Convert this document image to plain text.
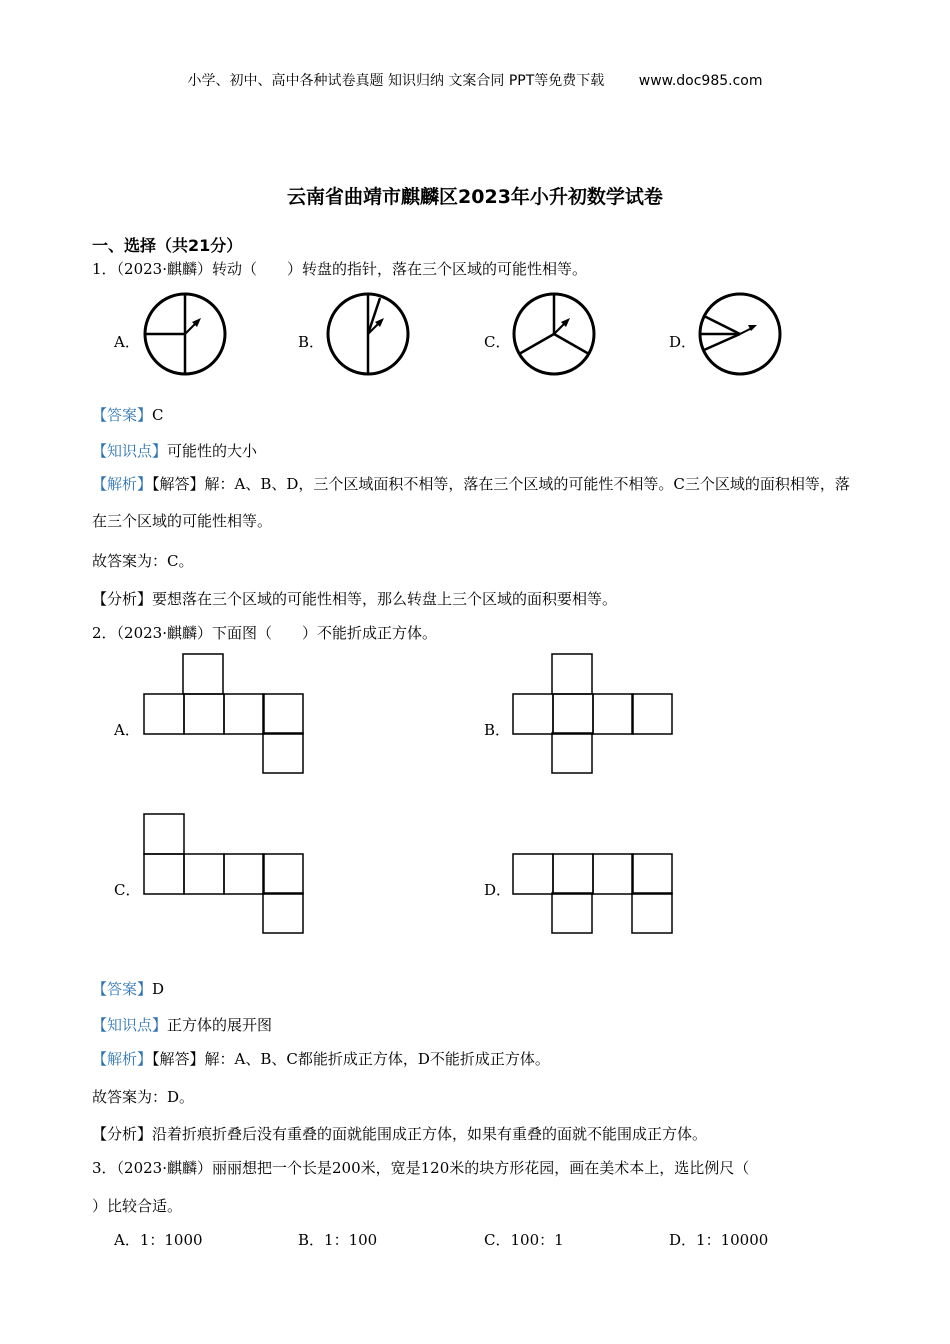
小学、初中、高中各种试卷真题 知识归纳 文案合同 PPT等免费下载 www.doc985.com
云南省曲靖市麒麟区2023年小升初数学试卷
一、选择（共21分）
1．（2023·麒麟）转动（　　）转盘的指针，落在三个区域的可能性相等。
A．	B．	C．	D．
【答案】C
【知识点】可能性的大小
【解析】【解答】解：A、B、D，三个区域面积不相等，落在三个区域的可能性不相等。C三个区域的面积相等，落在三个区域的可能性相等。
故答案为：C。
【分析】要想落在三个区域的可能性相等，那么转盘上三个区域的面积要相等。
2．（2023·麒麟）下面图（　　）不能折成正方体。
A．	B．
C．	D．
【答案】D
【知识点】正方体的展开图
【解析】【解答】解：A、B、C都能折成正方体，D不能折成正方体。
故答案为：D。
【分析】沿着折痕折叠后没有重叠的面就能围成正方体，如果有重叠的面就不能围成正方体。
3．（2023·麒麟）丽丽想把一个长是200米，宽是120米的块方形花园，画在美术本上，选比例尺（
）比较合适。
A．1：1000	B．1：100	C．100：1	D．1：10000
